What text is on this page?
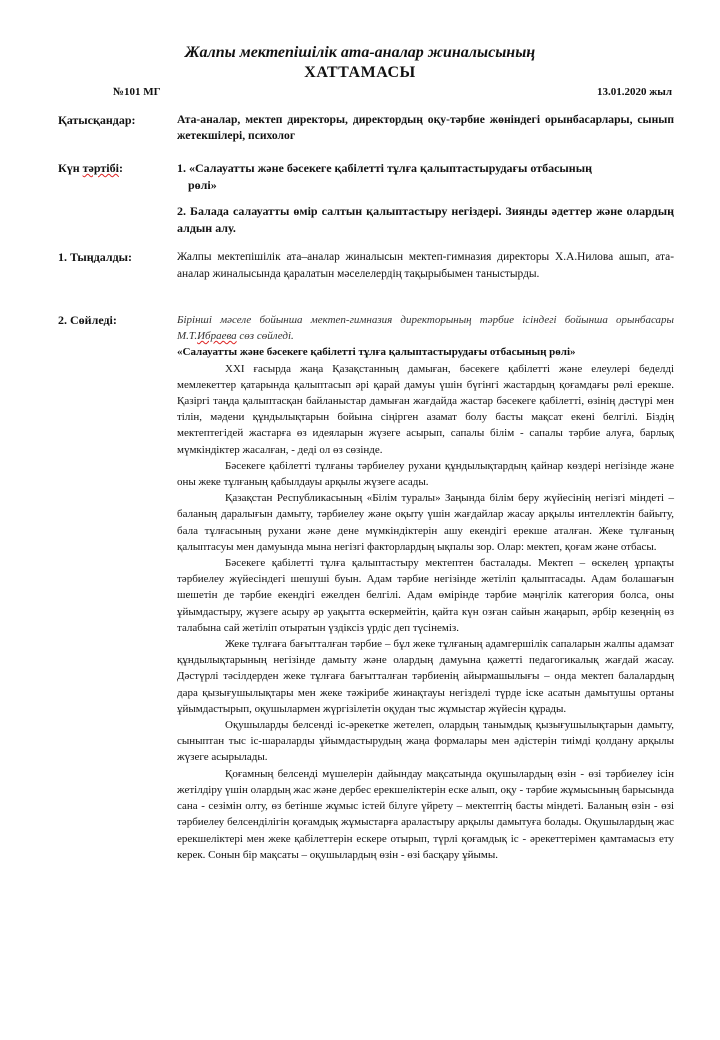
Жалпы мектепішілік ата-аналар жиналысының
ХАТТАМАСЫ
№101 МГ	13.01.2020 жыл
Қатысқандар:	Ата-аналар, мектеп директоры, директордың оқу-тәрбие жөніндегі орынбасарлары, сынып жетекшілері, психолог
Күн тәртібі:	1. «Салауатты және бәсекеге қабілетті тұлға қалыптастырудағы отбасының
рөлі»
2. Балада салауатты өмір салтын қалыптастыру негіздері. Зиянды әдеттер және олардың алдын алу.
1. Тыңдалды:	Жалпы мектепішілік ата–аналар жиналысын мектеп-гимназия директоры Х.А.Нилова ашып, ата-аналар жиналысында қаралатын мәселелердің тақырыбымен таныстырды.
2. Сөйледі:	Бірінші мәселе бойынша мектеп-гимназия директорының тәрбие ісіндегі бойынша орынбасары М.Т.Ибраева сөз сөйледі.
«Салауатты және бәсекеге қабілетті тұлға қалыптастырудағы отбасының рөлі»

XXI ғасырда жаңа Қазақстанның дамыған, бәсекеге қабілетті және елеулері беделді мемлекеттер қатарында қалыптасып әрі қарай дамуы үшін бүгінгі жастардың қоғамдағы рөлі ерекше. Қазіргі таңда қалыптасқан байланыстар дамыған жағдайда жастар бәсекеге қабілетті, өзінің дәстүрі мен тілін, мәдени құндылықтарын бойына сіңірген азамат болу басты мақсат екені белгілі. Біздің мектептегідей жастарға өз идеяларын жүзеге асырып, сапалы білім - сапалы тәрбие алуға, барлық мүмкіндіктер жасалған, - деді ол өз сөзінде.

Бәсекеге қабілетті тұлғаны тәрбиелеу рухани құндылықтардың қайнар көздері негізінде және оны жеке тұлғаның қабылдауы арқылы жүзеге асады.

Қазақстан Республикасының «Білім туралы» Заңында білім беру жүйесінің негізгі міндеті – баланың даралығын дамыту, тәрбиелеу және оқыту үшін жағдайлар жасау арқылы интеллектін байыту, бала тұлғасының рухани және дене мүмкіндіктерін ашу екендігі ерекше аталған. Жеке тұлғаның қалыптасуы мен дамуында мына негізгі факторлардың ықпалы зор. Олар: мектеп, қоғам және отбасы.

Бәсекеге қабілетті тұлға қалыптастыру мектептен басталады. Мектеп – өскелең ұрпақты тәрбиелеу жүйесіндегі шешуші буын. Адам тәрбие негізінде жетіліп қалыптасады. Адам болашағын шешетін де тәрбие екендігі ежелден белгілі. Адам өмірінде тәрбие мәңгілік категория болса, оны ұйымдастыру, жүзеге асыру әр уақытта өскермейтін, қайта күн озған сайын жаңарып, әрбір кезеңнің өз талабына сай жетіліп отыратын үздіксіз үрдіс деп түсінеміз.

Жеке тұлғаға бағытталған тәрбие – бұл жеке тұлғаның адамгершілік сапаларын жалпы адамзат құндылықтарының негізінде дамыту және олардың дамуына қажетті педагогикалық жағдай жасау. Дәстүрлі тәсілдерден жеке тұлғаға бағытталған тәрбиенің айырмашылығы – онда мектеп балалардың дара қызығушылықтары мен жеке тәжірибе жинақтауы негізделі түрде іске асатын дамытушы ортаны ұйымдастырып, оқушылармен жүргізілетін оқудан тыс жұмыстар жүйесін құрады.

Оқушыларды белсенді іс-әрекетке жетелеп, олардың танымдық қызығушылықтарын дамыту, сыныптан тыс іс-шараларды ұйымдастырудың жаңа формалары мен әдістерін тиімді қолдану арқылы жүзеге асырылады.

Қоғамның белсенді мүшелерін дайындау мақсатында оқушылардың өзін - өзі тәрбиелеу ісін жетілдіру үшін олардың жас және дербес ерекшеліктерін еске алып, оқу - тәрбие жұмысының барысында сана - сезімін олту, өз бетінше жұмыс істей білуге үйрету – мектептің басты міндеті. Баланың өзін - өзі тәрбиелеу белсенділігін қоғамдық жұмыстарға араластыру арқылы дамытуға болады. Оқушылардың жас ерекшеліктері мен жеке қабілеттерін ескере отырып, түрлі қоғамдық іс - әрекеттерімен қамтамасыз ету керек. Сонын бір мақсаты – оқушылардың өзін - өзі басқару ұйымы.
